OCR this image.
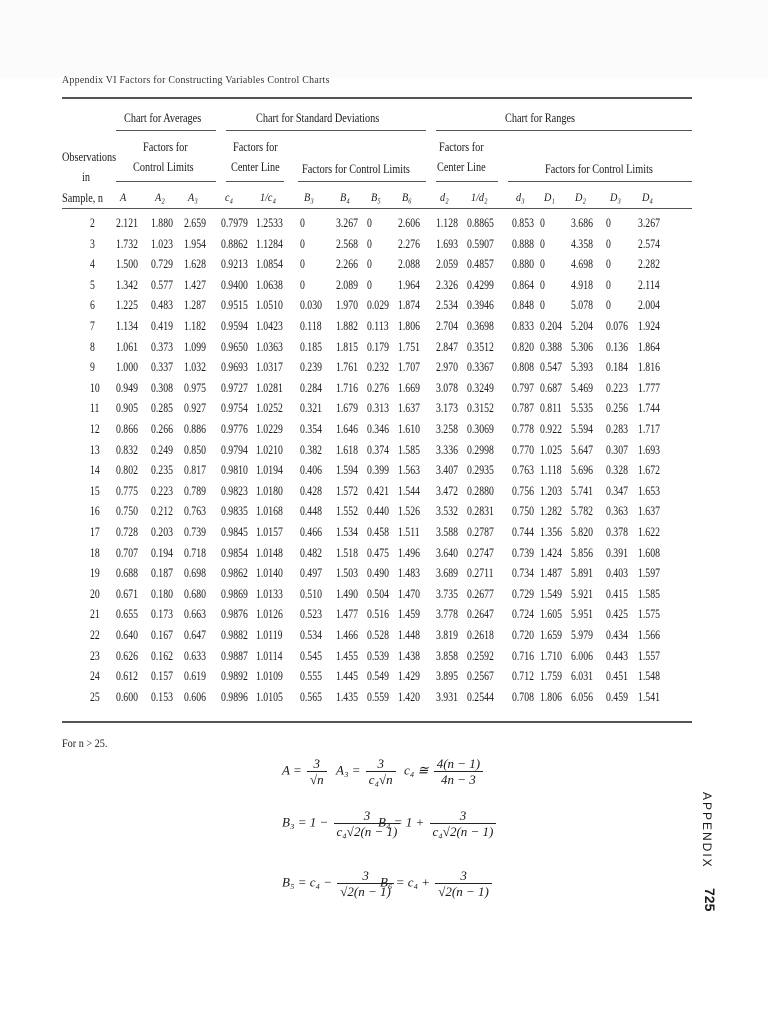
Appendix VI Factors for Constructing Variables Control Charts
Chart for Averages	Chart for Standard Deviations	Chart for Ranges
Factors for
Control Limits
Factors for
Center Line Factors for Control Limits
Factors for
Center Line	Factors for Control Limits
Observations
in
Sample, n A A₂ A₃ c₄ 1/c₄ B₃ B₄ B₅ B₆ d₂ 1/d₂ d₃ D₁ D₂ D₃ D₄
2 2.121 1.880 2.659 0.7979 1.2533 0 3.267 0 2.606 1.128 0.8865 0.853 0 3.686 0 3.267
3 1.732 1.023 1.954 0.8862 1.1284 0 2.568 0 2.276 1.693 0.5907 0.888 0 4.358 0 2.574
4 1.500 0.729 1.628 0.9213 1.0854 0 2.266 0 2.088 2.059 0.4857 0.880 0 4.698 0 2.282
5 1.342 0.577 1.427 0.9400 1.0638 0 2.089 0 1.964 2.326 0.4299 0.864 0 4.918 0 2.114
6 1.225 0.483 1.287 0.9515 1.0510 0.030 1.970 0.029 1.874 2.534 0.3946 0.848 0 5.078 0 2.004
7 1.134 0.419 1.182 0.9594 1.0423 0.118 1.882 0.113 1.806 2.704 0.3698 0.833 0.204 5.204 0.076 1.924
8 1.061 0.373 1.099 0.9650 1.0363 0.185 1.815 0.179 1.751 2.847 0.3512 0.820 0.388 5.306 0.136 1.864
9 1.000 0.337 1.032 0.9693 1.0317 0.239 1.761 0.232 1.707 2.970 0.3367 0.808 0.547 5.393 0.184 1.816
10 0.949 0.308 0.975 0.9727 1.0281 0.284 1.716 0.276 1.669 3.078 0.3249 0.797 0.687 5.469 0.223 1.777
11 0.905 0.285 0.927 0.9754 1.0252 0.321 1.679 0.313 1.637 3.173 0.3152 0.787 0.811 5.535 0.256 1.744
12 0.866 0.266 0.886 0.9776 1.0229 0.354 1.646 0.346 1.610 3.258 0.3069 0.778 0.922 5.594 0.283 1.717
13 0.832 0.249 0.850 0.9794 1.0210 0.382 1.618 0.374 1.585 3.336 0.2998 0.770 1.025 5.647 0.307 1.693
14 0.802 0.235 0.817 0.9810 1.0194 0.406 1.594 0.399 1.563 3.407 0.2935 0.763 1.118 5.696 0.328 1.672
15 0.775 0.223 0.789 0.9823 1.0180 0.428 1.572 0.421 1.544 3.472 0.2880 0.756 1.203 5.741 0.347 1.653
16 0.750 0.212 0.763 0.9835 1.0168 0.448 1.552 0.440 1.526 3.532 0.2831 0.750 1.282 5.782 0.363 1.637
17 0.728 0.203 0.739 0.9845 1.0157 0.466 1.534 0.458 1.511 3.588 0.2787 0.744 1.356 5.820 0.378 1.622
18 0.707 0.194 0.718 0.9854 1.0148 0.482 1.518 0.475 1.496 3.640 0.2747 0.739 1.424 5.856 0.391 1.608
19 0.688 0.187 0.698 0.9862 1.0140 0.497 1.503 0.490 1.483 3.689 0.2711 0.734 1.487 5.891 0.403 1.597
20 0.671 0.180 0.680 0.9869 1.0133 0.510 1.490 0.504 1.470 3.735 0.2677 0.729 1.549 5.921 0.415 1.585
21 0.655 0.173 0.663 0.9876 1.0126 0.523 1.477 0.516 1.459 3.778 0.2647 0.724 1.605 5.951 0.425 1.575
22 0.640 0.167 0.647 0.9882 1.0119 0.534 1.466 0.528 1.448 3.819 0.2618 0.720 1.659 5.979 0.434 1.566
23 0.626 0.162 0.633 0.9887 1.0114 0.545 1.455 0.539 1.438 3.858 0.2592 0.716 1.710 6.006 0.443 1.557
24 0.612 0.157 0.619 0.9892 1.0109 0.555 1.445 0.549 1.429 3.895 0.2567 0.712 1.759 6.031 0.451 1.548
25 0.600 0.153 0.606 0.9896 1.0105 0.565 1.435 0.559 1.420 3.931 0.2544 0.708 1.806 6.056 0.459 1.541
For n > 25.
$A = \frac{3}{√n} A_3 = \frac{3}{\text{c₄√n}} c_4$ ≅ $\frac{4(n - 1)}{4n - 3}$
$B_3 = 1 - \frac{3}{\text{c₄√2(n − 1)}}$
$B_4 = 1 + \frac{3}{\text{c₄√2(n − 1)}}$
$B_5 = c_4 - \frac{3}{√2(n - 1)}$
$B_6 = c_4 + \frac{3}{√2(n - 1)}$
APPENDIX
725
